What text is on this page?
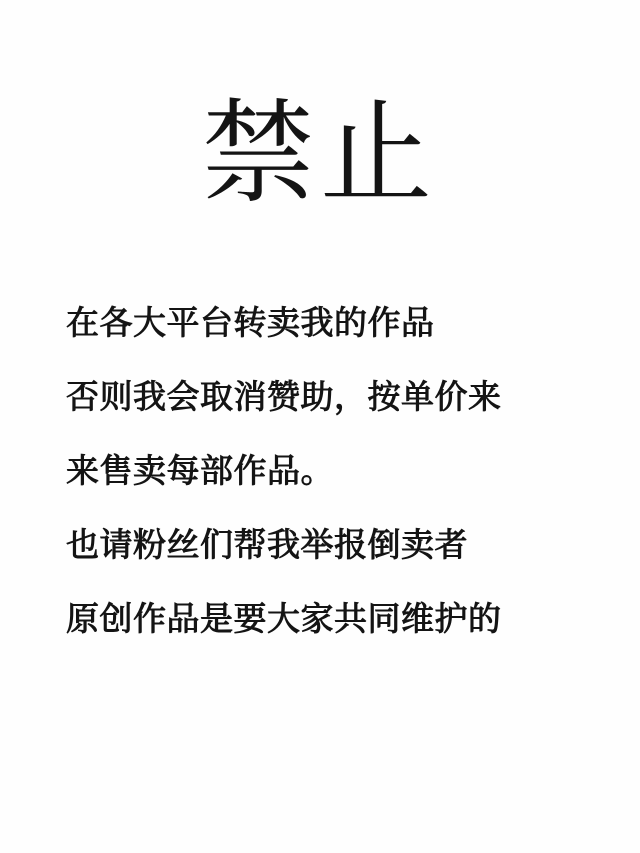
禁止

在各大平台转卖我的作品

否则我会取消赞助，按单价来

来售卖每部作品。

也请粉丝们帮我举报倒卖者

原创作品是要大家共同维护的
